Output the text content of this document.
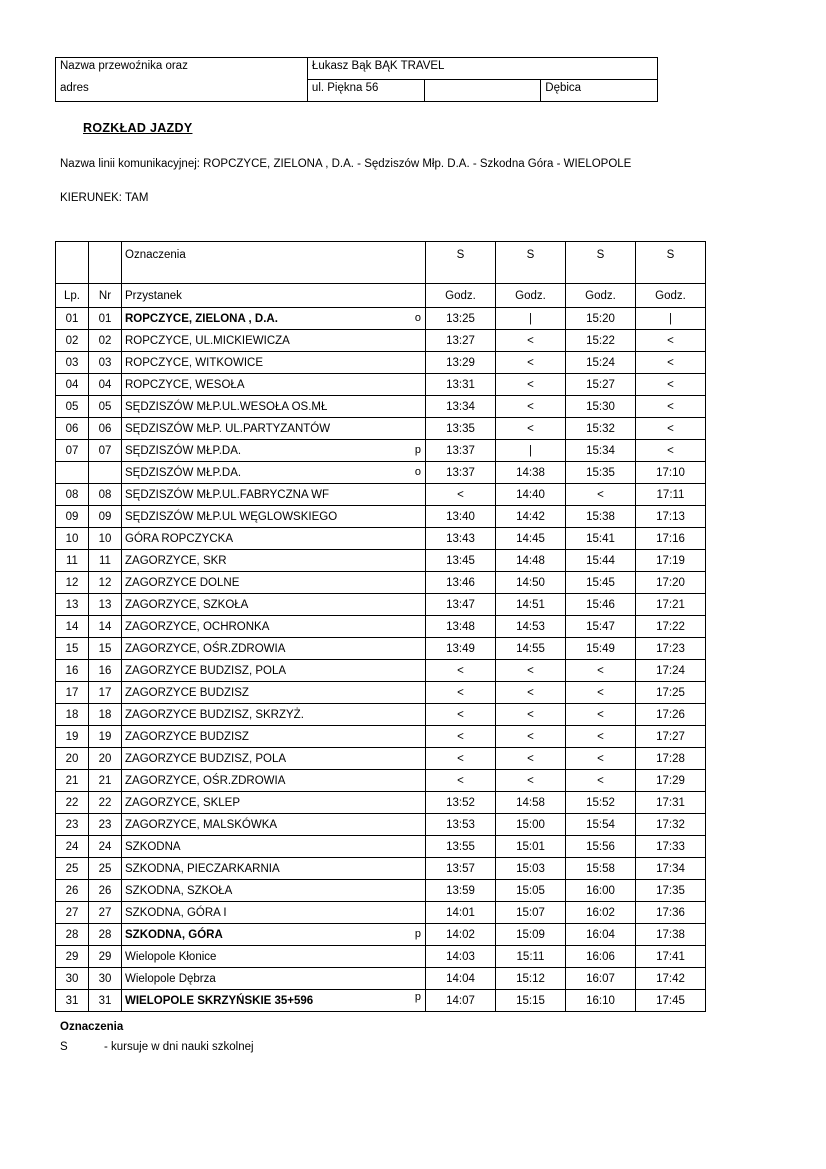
Nazwa przewoźnika oraz	Łukasz Bąk BĄK TRAVEL		
adres	ul. Piękna 56		Dębica
ROZKŁAD JAZDY
Nazwa linii komunikacyjnej: ROPCZYCE, ZIELONA , D.A. - Sędziszów Młp. D.A. - Szkodna Góra - WIELOPOLE
KIERUNEK: TAM
		Oznaczenia	S	S	S	S
Lp.	Nr	Przystanek	Godz.	Godz.	Godz.	Godz.
01	01	ROPCZYCE, ZIELONA , D.A. o	13:25	|	15:20	|
02	02	ROPCZYCE, UL.MICKIEWICZA	13:27	<	15:22	<
03	03	ROPCZYCE, WITKOWICE	13:29	<	15:24	<
04	04	ROPCZYCE, WESOŁA	13:31	<	15:27	<
05	05	SĘDZISZÓW MŁP.UL.WESOŁA OS.MŁ	13:34	<	15:30	<
06	06	SĘDZISZÓW MŁP. UL.PARTYZANTÓW	13:35	<	15:32	<
07	07	SĘDZISZÓW MŁP.DA. p	13:37	|	15:34	<
		SĘDZISZÓW MŁP.DA. o	13:37	14:38	15:35	17:10
08	08	SĘDZISZÓW MŁP.UL.FABRYCZNA WF	<	14:40	<	17:11
09	09	SĘDZISZÓW MŁP.UL WĘGLOWSKIEGO	13:40	14:42	15:38	17:13
10	10	GÓRA ROPCZYCKA	13:43	14:45	15:41	17:16
11	11	ZAGORZYCE, SKR	13:45	14:48	15:44	17:19
12	12	ZAGORZYCE DOLNE	13:46	14:50	15:45	17:20
13	13	ZAGORZYCE, SZKOŁA	13:47	14:51	15:46	17:21
14	14	ZAGORZYCE, OCHRONKA	13:48	14:53	15:47	17:22
15	15	ZAGORZYCE, OŚR.ZDROWIA	13:49	14:55	15:49	17:23
16	16	ZAGORZYCE BUDZISZ, POLA	<	<	<	17:24
17	17	ZAGORZYCE BUDZISZ	<	<	<	17:25
18	18	ZAGORZYCE BUDZISZ, SKRZYŻ.	<	<	<	17:26
19	19	ZAGORZYCE BUDZISZ	<	<	<	17:27
20	20	ZAGORZYCE BUDZISZ, POLA	<	<	<	17:28
21	21	ZAGORZYCE, OŚR.ZDROWIA	<	<	<	17:29
22	22	ZAGORZYCE, SKLEP	13:52	14:58	15:52	17:31
23	23	ZAGORZYCE, MALSKÓWKA	13:53	15:00	15:54	17:32
24	24	SZKODNA	13:55	15:01	15:56	17:33
25	25	SZKODNA, PIECZARKARNIA	13:57	15:03	15:58	17:34
26	26	SZKODNA, SZKOŁA	13:59	15:05	16:00	17:35
27	27	SZKODNA, GÓRA I	14:01	15:07	16:02	17:36
28	28	SZKODNA, GÓRA p	14:02	15:09	16:04	17:38
29	29	Wielopole Kłonice	14:03	15:11	16:06	17:41
30	30	Wielopole Dębrza	14:04	15:12	16:07	17:42
31	31	WIELOPOLE SKRZYŃSKIE 35+596 p	14:07	15:15	16:10	17:45
Oznaczenia
S	- kursuje w dni nauki szkolnej
